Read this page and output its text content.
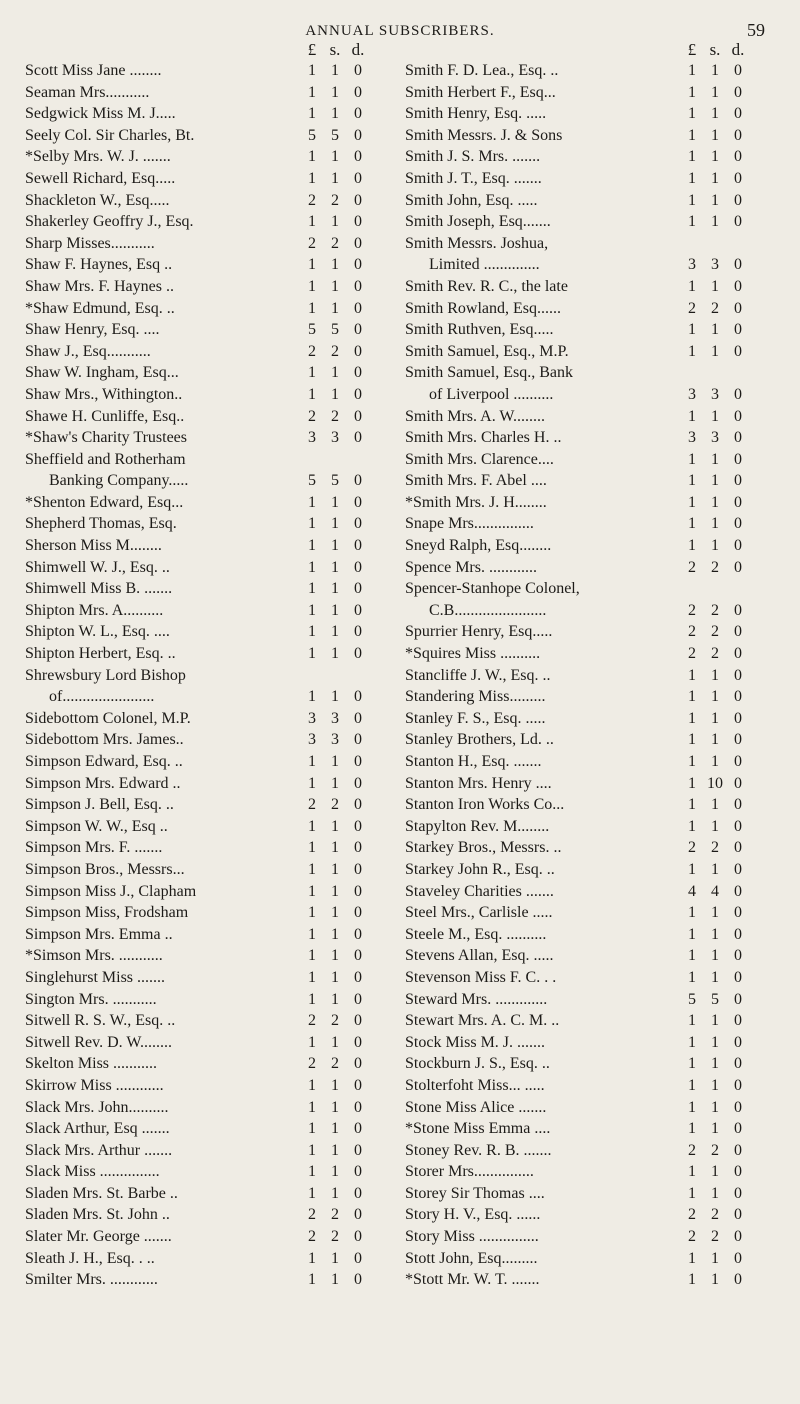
ANNUAL SUBSCRIBERS.	59
£ s. d.
Scott Miss Jane ........	1 1 0
Seaman Mrs...........	1 1 0
Sedgwick Miss M. J.....	1 1 0
Seely Col. Sir Charles, Bt.	5 5 0
*Selby Mrs. W. J. .......	1 1 0
Sewell Richard, Esq.....	1 1 0
Shackleton W., Esq.....	2 2 0
Shakerley Geoffry J., Esq.	1 1 0
Sharp Misses...........	2 2 0
Shaw F. Haynes, Esq ..	1 1 0
Shaw Mrs. F. Haynes ..	1 1 0
*Shaw Edmund, Esq. ..	1 1 0
Shaw Henry, Esq. ....	5 5 0
Shaw J., Esq...........	2 2 0
Shaw W. Ingham, Esq...	1 1 0
Shaw Mrs., Withington..	1 1 0
Shawe H. Cunliffe, Esq..	2 2 0
*Shaw's Charity Trustees	3 3 0
Sheffield and Rotherham
Banking Company.....	5 5 0
*Shenton Edward, Esq...	1 1 0
Shepherd Thomas, Esq.	1 1 0
Sherson Miss M........	1 1 0
Shimwell W. J., Esq. ..	1 1 0
Shimwell Miss B. .......	1 1 0
Shipton Mrs. A..........	1 1 0
Shipton W. L., Esq. ....	1 1 0
Shipton Herbert, Esq. ..	1 1 0
Shrewsbury Lord Bishop
of.......................	1 1 0
Sidebottom Colonel, M.P.	3 3 0
Sidebottom Mrs. James..	3 3 0
Simpson Edward, Esq. ..	1 1 0
Simpson Mrs. Edward ..	1 1 0
Simpson J. Bell, Esq. ..	2 2 0
Simpson W. W., Esq ..	1 1 0
Simpson Mrs. F. .......	1 1 0
Simpson Bros., Messrs...	1 1 0
Simpson Miss J., Clapham	1 1 0
Simpson Miss, Frodsham	1 1 0
Simpson Mrs. Emma ..	1 1 0
*Simson Mrs. ...........	1 1 0
Singlehurst Miss .......	1 1 0
Sington Mrs. ...........	1 1 0
Sitwell R. S. W., Esq. ..	2 2 0
Sitwell Rev. D. W........	1 1 0
Skelton Miss ...........	2 2 0
Skirrow Miss ............	1 1 0
Slack Mrs. John..........	1 1 0
Slack Arthur, Esq .......	1 1 0
Slack Mrs. Arthur .......	1 1 0
Slack Miss ...............	1 1 0
Sladen Mrs. St. Barbe ..	1 1 0
Sladen Mrs. St. John ..	2 2 0
Slater Mr. George .......	2 2 0
Sleath J. H., Esq. . ..	1 1 0
Smilter Mrs. ............	1 1 0
£ s. d.
Smith F. D. Lea., Esq. ..	1 1 0
Smith Herbert F., Esq...	1 1 0
Smith Henry, Esq. .....	1 1 0
Smith Messrs. J. & Sons	1 1 0
Smith J. S. Mrs. .......	1 1 0
Smith J. T., Esq. .......	1 1 0
Smith John, Esq. .....	1 1 0
Smith Joseph, Esq.......	1 1 0
Smith Messrs. Joshua,
Limited ..............	3 3 0
Smith Rev. R. C., the late	1 1 0
Smith Rowland, Esq......	2 2 0
Smith Ruthven, Esq.....	1 1 0
Smith Samuel, Esq., M.P.	1 1 0
Smith Samuel, Esq., Bank
of Liverpool ..........	3 3 0
Smith Mrs. A. W........	1 1 0
Smith Mrs. Charles H. ..	3 3 0
Smith Mrs. Clarence....	1 1 0
Smith Mrs. F. Abel ....	1 1 0
*Smith Mrs. J. H........	1 1 0
Snape Mrs...............	1 1 0
Sneyd Ralph, Esq........	1 1 0
Spence Mrs. ............	2 2 0
Spencer-Stanhope Colonel,
C.B.......................	2 2 0
Spurrier Henry, Esq.....	2 2 0
*Squires Miss ..........	2 2 0
Stancliffe J. W., Esq. ..	1 1 0
Standering Miss.........	1 1 0
Stanley F. S., Esq. .....	1 1 0
Stanley Brothers, Ld. ..	1 1 0
Stanton H., Esq. .......	1 1 0
Stanton Mrs. Henry ....	1 10 0
Stanton Iron Works Co...	1 1 0
Stapylton Rev. M........	1 1 0
Starkey Bros., Messrs. ..	2 2 0
Starkey John R., Esq. ..	1 1 0
Staveley Charities .......	4 4 0
Steel Mrs., Carlisle .....	1 1 0
Steele M., Esq. ..........	1 1 0
Stevens Allan, Esq. .....	1 1 0
Stevenson Miss F. C. . .	1 1 0
Steward Mrs. .............	5 5 0
Stewart Mrs. A. C. M. ..	1 1 0
Stock Miss M. J. .......	1 1 0
Stockburn J. S., Esq. ..	1 1 0
Stolterfoht Miss... .....	1 1 0
Stone Miss Alice .......	1 1 0
*Stone Miss Emma ....	1 1 0
Stoney Rev. R. B. .......	2 2 0
Storer Mrs...............	1 1 0
Storey Sir Thomas ....	1 1 0
Story H. V., Esq. ......	2 2 0
Story Miss ...............	2 2 0
Stott John, Esq.........	1 1 0
*Stott Mr. W. T. .......	1 1 0
